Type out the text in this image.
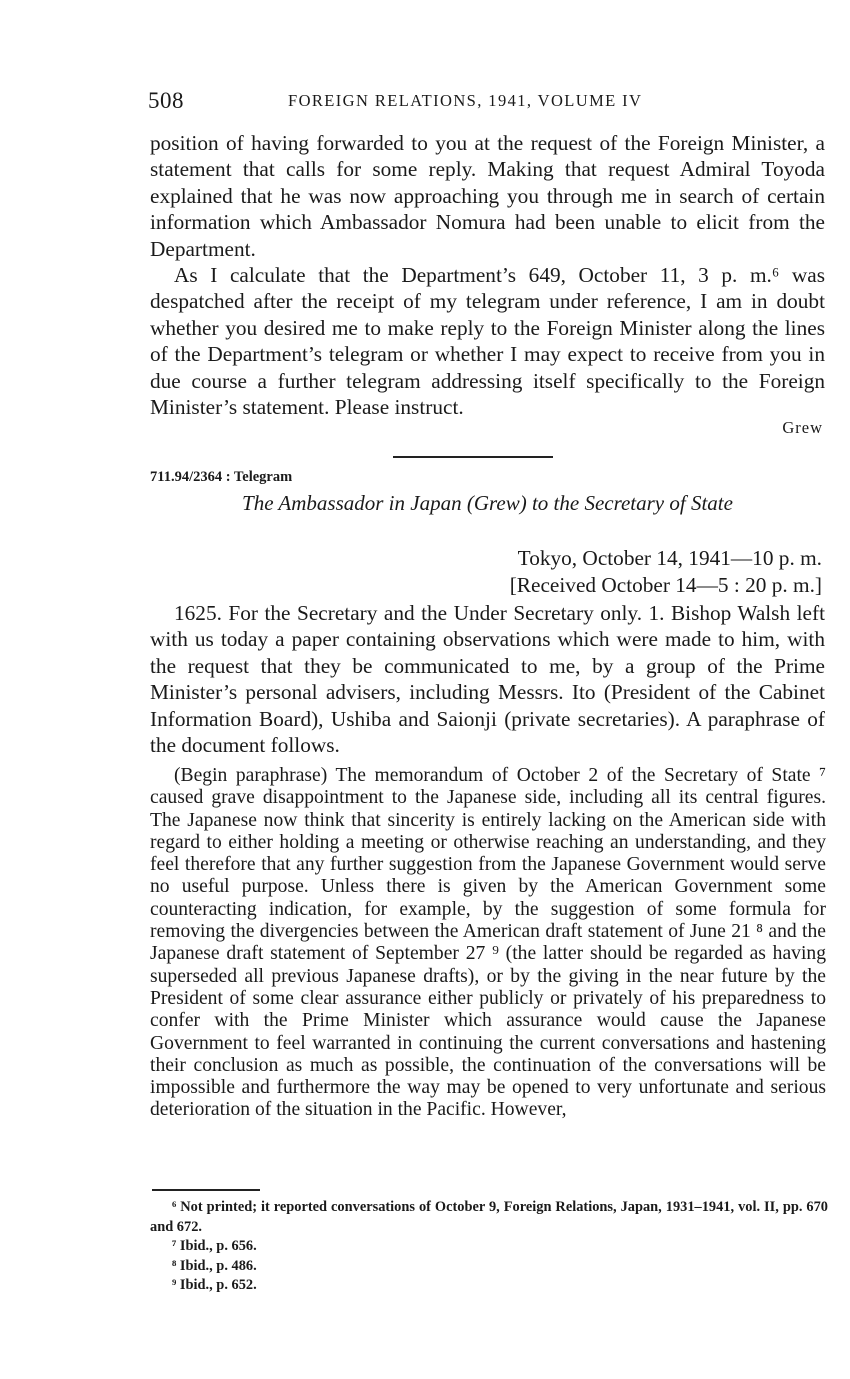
508	FOREIGN RELATIONS, 1941, VOLUME IV

position of having forwarded to you at the request of the Foreign Minister, a statement that calls for some reply. Making that request Admiral Toyoda explained that he was now approaching you through me in search of certain information which Ambassador Nomura had been unable to elicit from the Department.

As I calculate that the Department’s 649, October 11, 3 p. m.⁶ was despatched after the receipt of my telegram under reference, I am in doubt whether you desired me to make reply to the Foreign Minister along the lines of the Department’s telegram or whether I may expect to receive from you in due course a further telegram addressing itself specifically to the Foreign Minister’s statement. Please instruct.

Grew
711.94/2364 : Telegram
The Ambassador in Japan (Grew) to the Secretary of State
Tokyo, October 14, 1941—10 p. m.
[Received October 14—5 : 20 p. m.]

1625. For the Secretary and the Under Secretary only. 1. Bishop Walsh left with us today a paper containing observations which were made to him, with the request that they be communicated to me, by a group of the Prime Minister’s personal advisers, including Messrs. Ito (President of the Cabinet Information Board), Ushiba and Saionji (private secretaries). A paraphrase of the document follows.

(Begin paraphrase) The memorandum of October 2 of the Secretary of State ⁷ caused grave disappointment to the Japanese side, including all its central figures. The Japanese now think that sincerity is entirely lacking on the American side with regard to either holding a meeting or otherwise reaching an understanding, and they feel therefore that any further suggestion from the Japanese Government would serve no useful purpose. Unless there is given by the American Government some counteracting indication, for example, by the suggestion of some formula for removing the divergencies between the American draft statement of June 21 ⁸ and the Japanese draft statement of September 27 ⁹ (the latter should be regarded as having superseded all previous Japanese drafts), or by the giving in the near future by the President of some clear assurance either publicly or privately of his preparedness to confer with the Prime Minister which assurance would cause the Japanese Government to feel warranted in continuing the current conversations and hastening their conclusion as much as possible, the continuation of the conversations will be impossible and furthermore the way may be opened to very unfortunate and serious deterioration of the situation in the Pacific. However,

⁶ Not printed; it reported conversations of October 9, Foreign Relations, Japan, 1931–1941, vol. II, pp. 670 and 672.

⁷ Ibid., p. 656.

⁸ Ibid., p. 486.

⁹ Ibid., p. 652.
